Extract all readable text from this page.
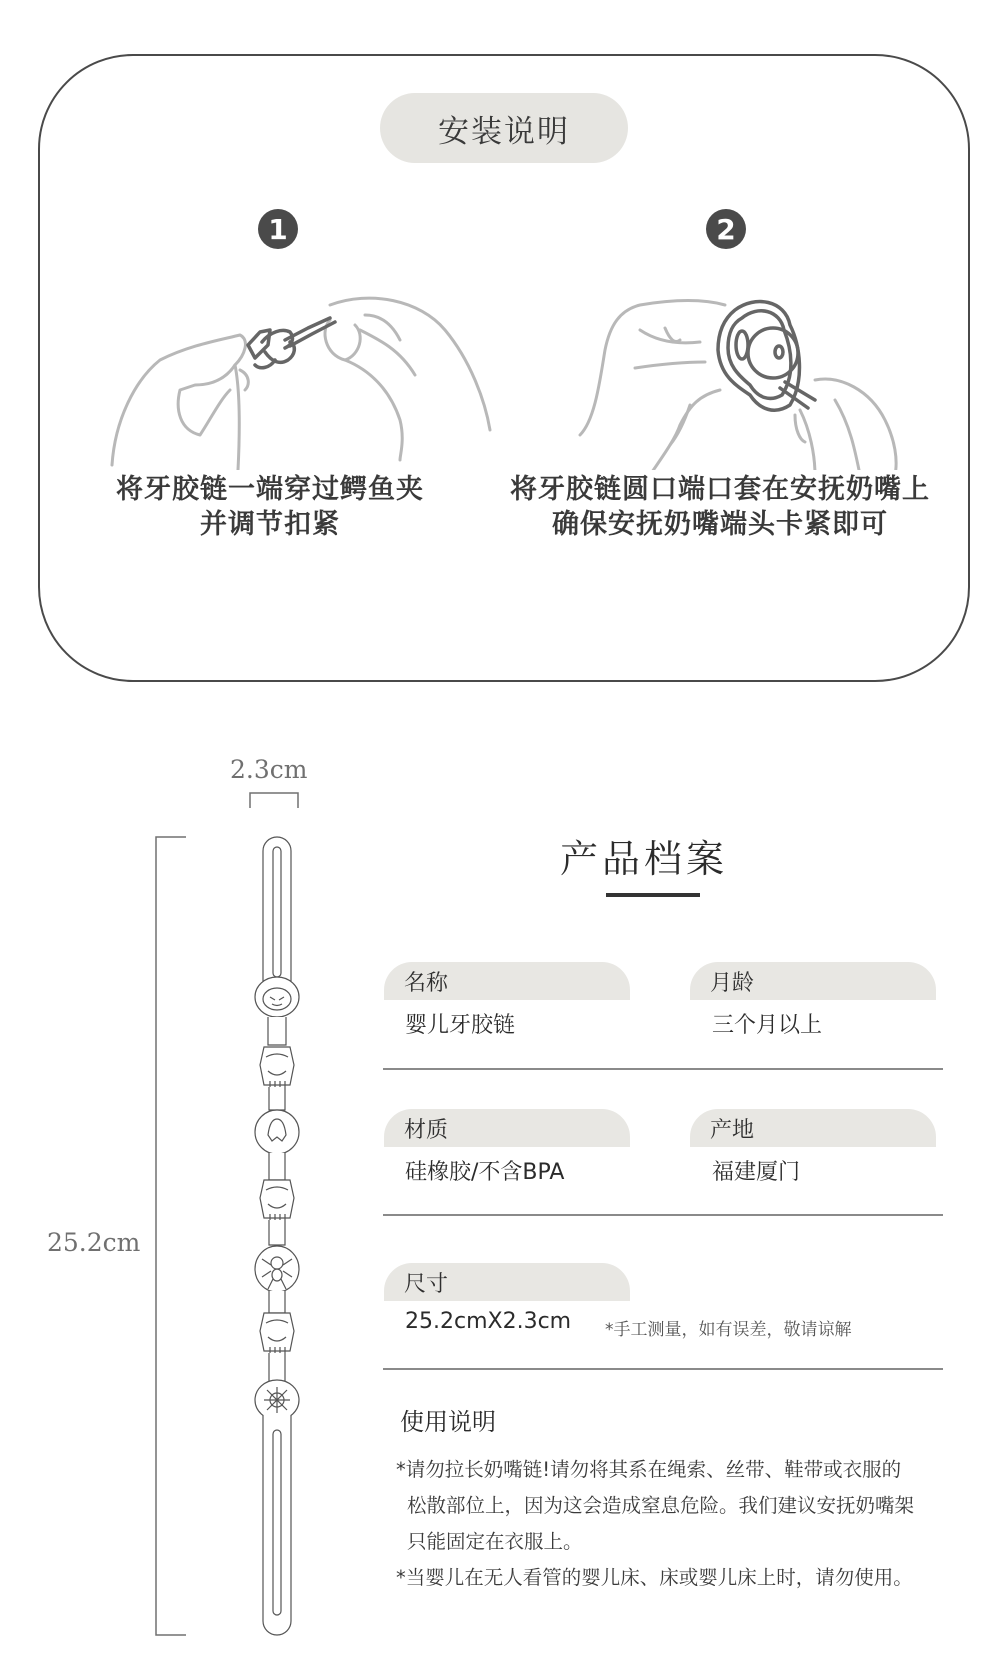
安装说明
1
将牙胶链一端穿过鳄鱼夹
并调节扣紧
2
将牙胶链圆口端口套在安抚奶嘴上
确保安抚奶嘴端头卡紧即可
2.3cm
25.2cm
产品档案
名称
婴儿牙胶链
月龄
三个月以上
材质
硅橡胶/不含BPA
产地
福建厦门
尺寸
25.2cmX2.3cm *手工测量，如有误差，敬请谅解
使用说明
*请勿拉长奶嘴链!请勿将其系在绳索、丝带、鞋带或衣服的
松散部位上，因为这会造成窒息危险。我们建议安抚奶嘴架
只能固定在衣服上。
*当婴儿在无人看管的婴儿床、床或婴儿床上时，请勿使用。
